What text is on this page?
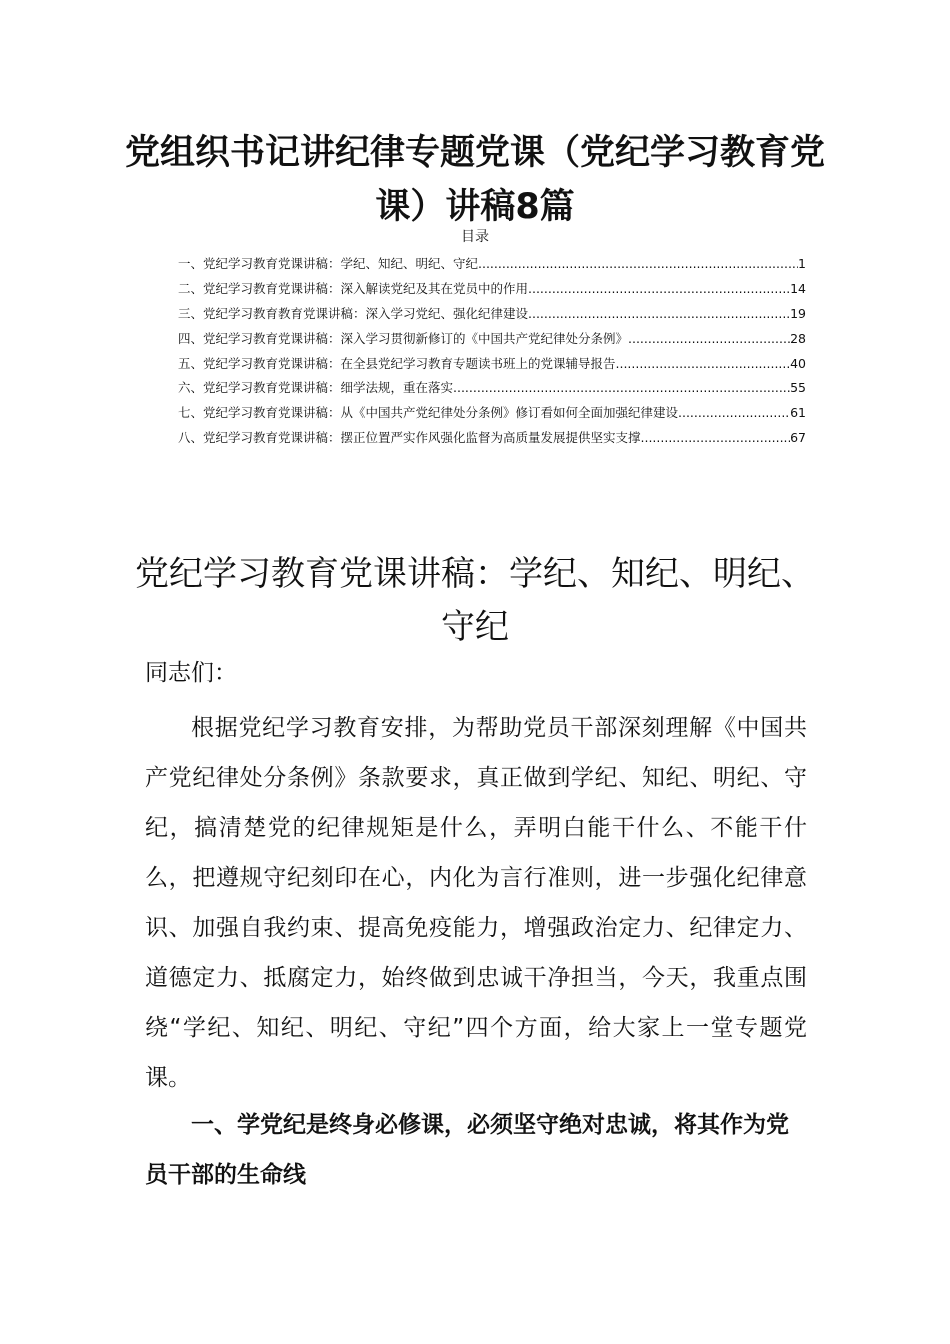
党组织书记讲纪律专题党课（党纪学习教育党课）讲稿8篇
目录
一、党纪学习教育党课讲稿：学纪、知纪、明纪、守纪 .....	1
二、党纪学习教育党课讲稿：深入解读党纪及其在党员中的作用 .....	14
三、党纪学习教育教育党课讲稿：深入学习党纪、强化纪律建设 .....	19
四、党纪学习教育党课讲稿：深入学习贯彻新修订的《中国共产党纪律处分条例》 .....	28
五、党纪学习教育党课讲稿：在全县党纪学习教育专题读书班上的党课辅导报告 .....	40
六、党纪学习教育党课讲稿：细学法规，重在落实 .....	55
七、党纪学习教育党课讲稿：从《中国共产党纪律处分条例》修订看如何全面加强纪律建设 .....	61
八、党纪学习教育党课讲稿：摆正位置严实作风强化监督为高质量发展提供坚实支撑 .....	67
党纪学习教育党课讲稿：学纪、知纪、明纪、守纪

同志们：

根据党纪学习教育安排，为帮助党员干部深刻理解《中国共产党纪律处分条例》条款要求，真正做到学纪、知纪、明纪、守纪，搞清楚党的纪律规矩是什么，弄明白能干什么、不能干什么，把遵规守纪刻印在心，内化为言行准则，进一步强化纪律意识、加强自我约束、提高免疫能力，增强政治定力、纪律定力、道德定力、抵腐定力，始终做到忠诚干净担当，今天，我重点围绕“学纪、知纪、明纪、守纪”四个方面，给大家上一堂专题党课。

一、学党纪是终身必修课，必须坚守绝对忠诚，将其作为党员干部的生命线
